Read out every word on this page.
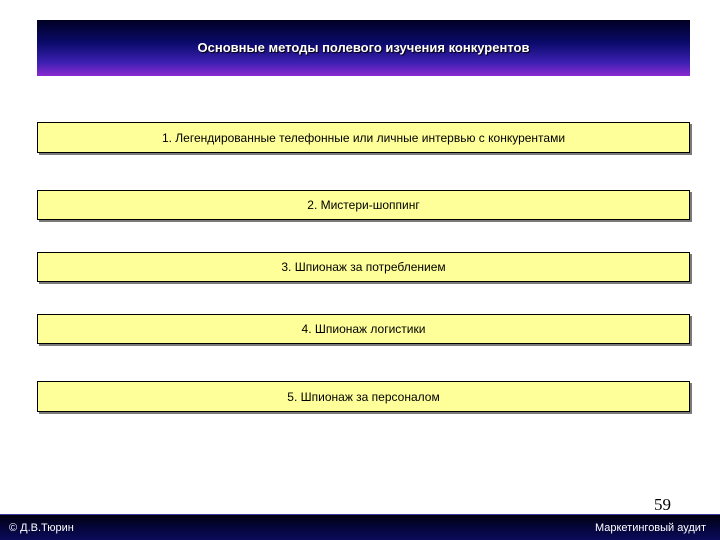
Основные методы полевого изучения конкурентов
1. Легендированные телефонные или личные интервью с конкурентами
2. Мистери-шоппинг
3. Шпионаж за потреблением
4. Шпионаж логистики
5. Шпионаж за персоналом
59
© Д.В.Тюрин	Маркетинговый аудит
